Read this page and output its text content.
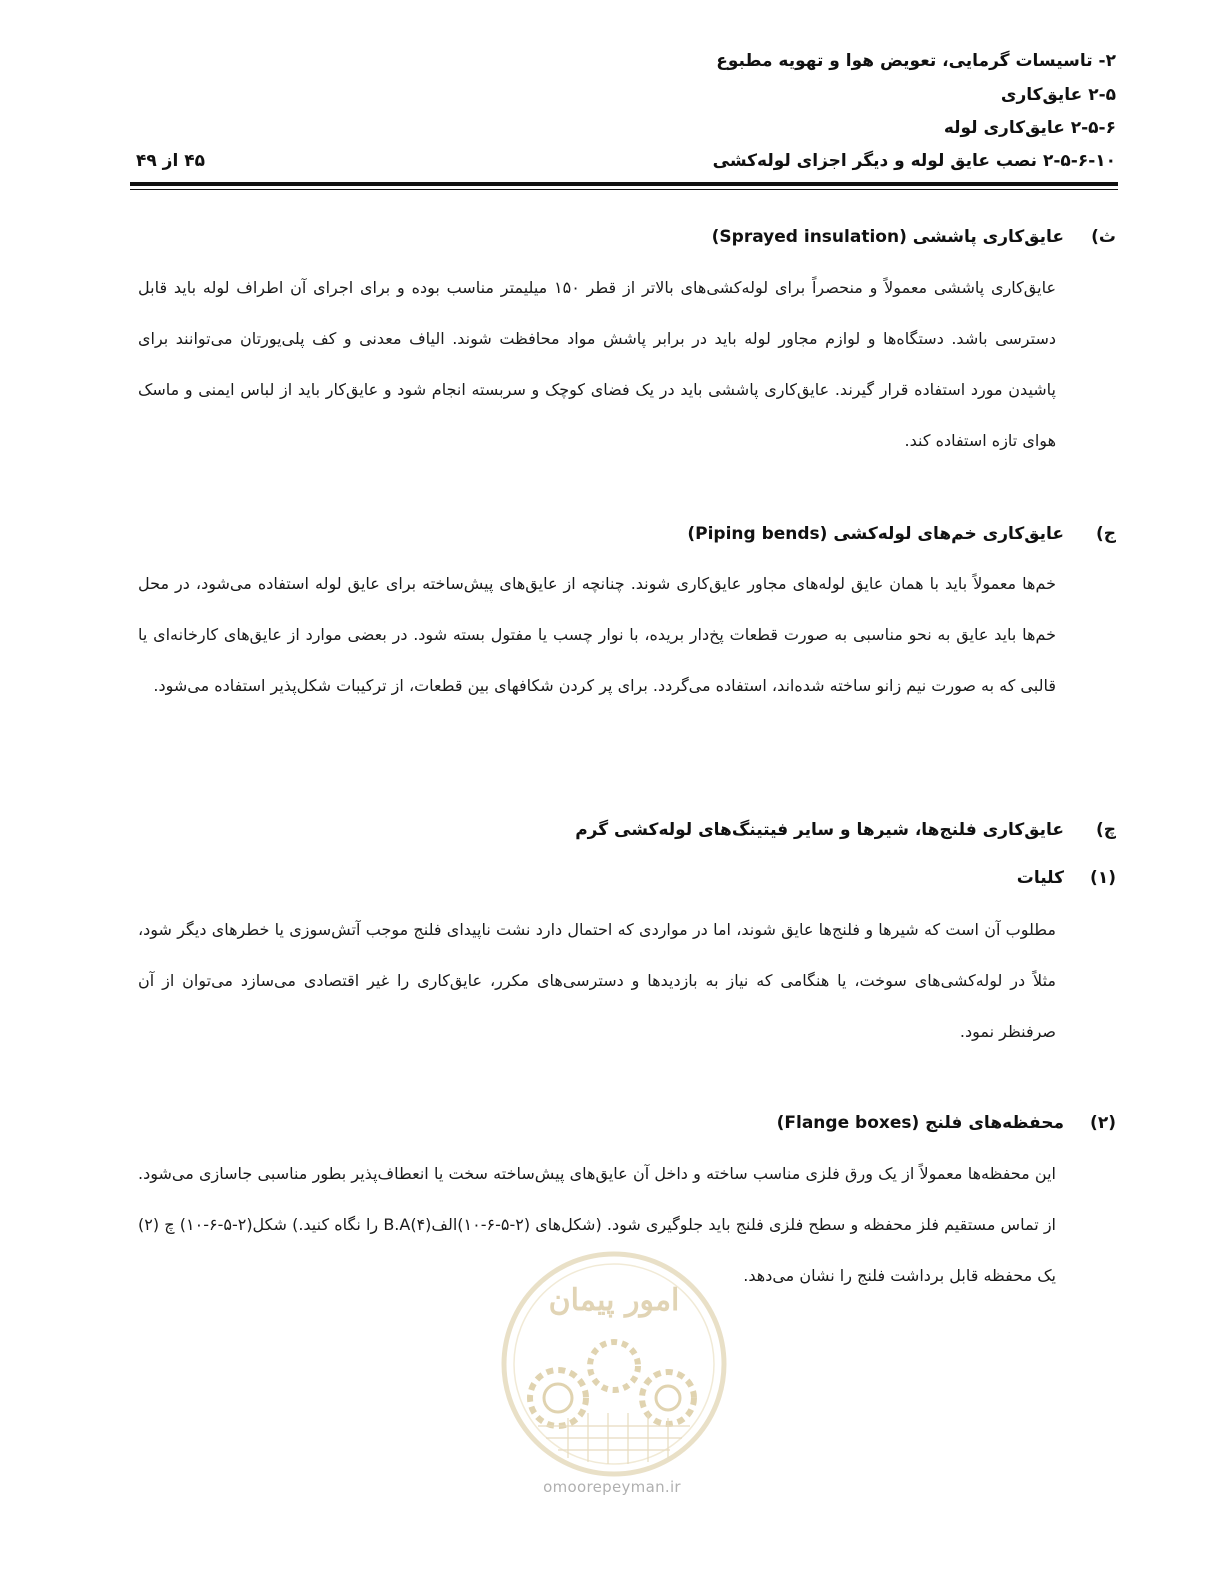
۲- تاسیسات گرمایی، تعویض هوا و تهویه مطبوع
۲-۵ عایق‌کاری
۲-۵-۶ عایق‌کاری لوله
۲-۵-۶-۱۰ نصب عایق لوله و دیگر اجزای لوله‌کشی
۴۵ از ۴۹
ث)
عایق‌کاری پاششی (Sprayed insulation)
عایق‌کاری پاششی معمولاً و منحصراً برای لوله‌کشی‌های بالاتر از قطر ۱۵۰ میلیمتر مناسب بوده و برای اجرای آن اطراف لوله باید قابل دسترسی باشد. دستگاه‌ها و لوازم مجاور لوله باید در برابر پاشش مواد محافظت شوند. الیاف معدنی و کف پلی‌یورتان می‌توانند برای پاشیدن مورد استفاده قرار گیرند. عایق‌کاری پاششی باید در یک فضای کوچک و سربسته انجام شود و عایق‌کار باید از لباس ایمنی و ماسک هوای تازه استفاده کند.
ج)
عایق‌کاری خم‌های لوله‌کشی (Piping bends)
خم‌ها معمولاً باید با همان عایق لوله‌های مجاور عایق‌کاری شوند. چنانچه از عایق‌های پیش‌ساخته برای عایق لوله استفاده می‌شود، در محل خم‌ها باید عایق به نحو مناسبی به صورت قطعات پخ‌دار بریده، با نوار چسب یا مفتول بسته شود. در بعضی موارد از عایق‌های کارخانه‌ای یا قالبی که به صورت نیم زانو ساخته شده‌اند، استفاده می‌گردد. برای پر کردن شکافهای بین قطعات، از ترکیبات شکل‌پذیر استفاده می‌شود.
چ)
عایق‌کاری فلنج‌ها، شیرها و سایر فیتینگ‌های لوله‌کشی گرم
(۱)
کلیات
مطلوب آن است که شیرها و فلنج‌ها عایق شوند، اما در مواردی که احتمال دارد نشت ناپیدای فلنج موجب آتش‌سوزی یا خطرهای دیگر شود، مثلاً در لوله‌کشی‌های سوخت، یا هنگامی که نیاز به بازدیدها و دسترسی‌های مکرر، عایق‌کاری را غیر اقتصادی می‌سازد می‌توان از آن صرفنظر نمود.
(۲)
محفظه‌های فلنج (Flange boxes)
این محفظه‌ها معمولاً از یک ورق فلزی مناسب ساخته و داخل آن عایق‌های پیش‌ساخته سخت یا انعطاف‌پذیر بطور مناسبی جاسازی می‌شود. از تماس مستقیم فلز محفظه و سطح فلزی فلنج باید جلوگیری شود. (شکل‌های (۲-۵-۶-۱۰)الف(۴)B.A را نگاه کنید.) شکل(۲-۵-۶-۱۰) چ (۲) یک محفظه قابل برداشت فلنج را نشان می‌دهد.
امور پیمان
omoorepeyman.ir
